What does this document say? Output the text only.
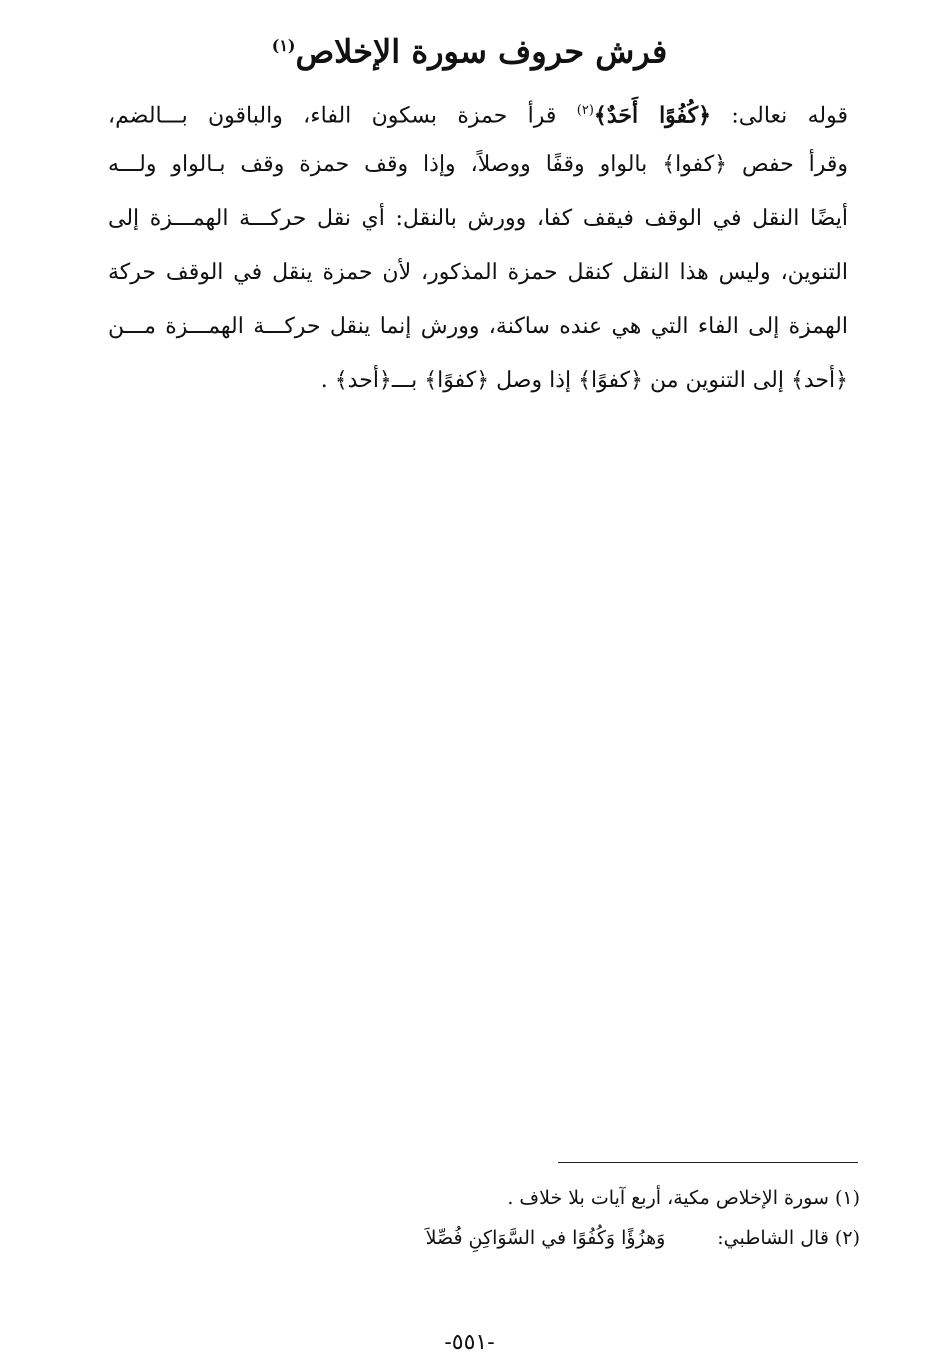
فرش حروف سورة الإخلاص$^{(١)}$
قوله نعالى: ﴿كُفُوًا أَحَدٌ﴾$^{(٢)}$ قرأ حمزة بسكون الفاء، والباقون بـــالضم،
وقرأ حفص ﴿كفوا﴾ بالواو وقفًا ووصلاً، وإذا وقف حمزة وقف بـالواو ولـــه
أيضًا النقل في الوقف فيقف كفا، وورش بالنقل: أي نقل حركـــة الهمـــزة إلى
التنوين، وليس هذا النقل كنقل حمزة المذكور، لأن حمزة ينقل في الوقف حركة
الهمزة إلى الفاء التي هي عنده ساكنة، وورش إنما ينقل حركـــة الهمـــزة مـــن
﴿أحد﴾ إلى التنوين من ﴿كفوًا﴾ إذا وصل ﴿كفوًا﴾ بـــ﴿أحد﴾ .
(١) سورة الإخلاص مكية، أربع آيات بلا خلاف .
(٢) قال الشاطبي:وَهزُؤًا وَكُفُوًا في السَّوَاكِنِ فُصِّلاَ
-٥٥١-
